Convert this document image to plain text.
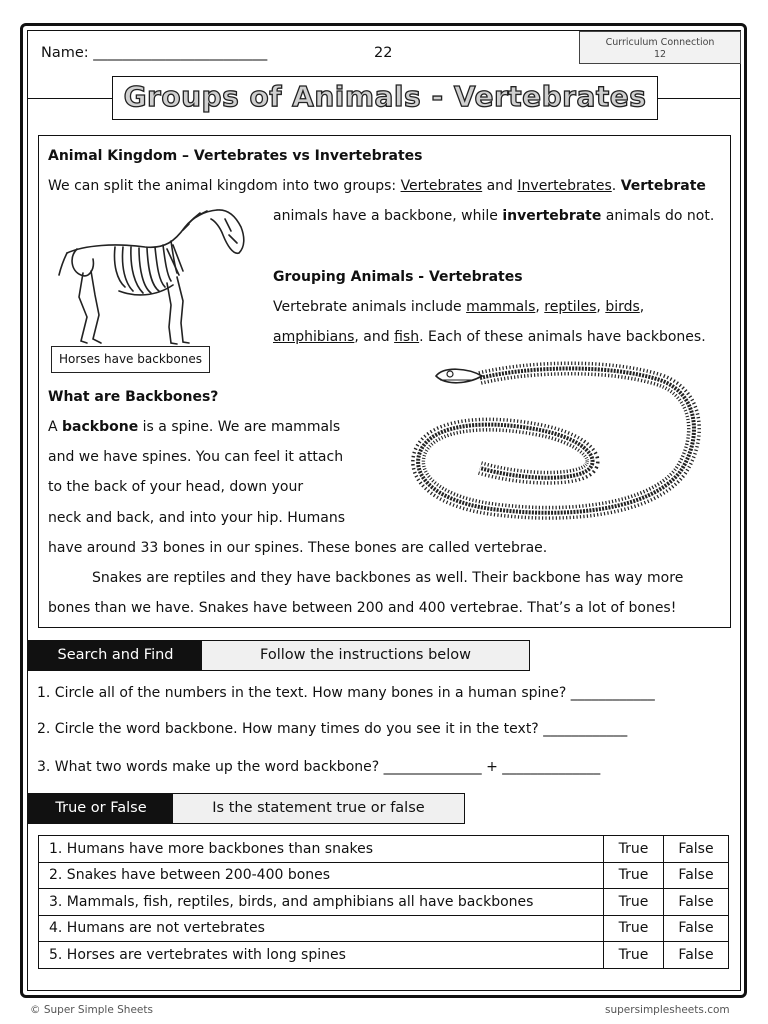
Name: ________________________	22
Curriculum Connection
12
Groups of Animals - Vertebrates
Animal Kingdom – Vertebrates vs Invertebrates
We can split the animal kingdom into two groups: Vertebrates and Invertebrates. Vertebrate
animals have a backbone, while invertebrate animals do not.
Horses have backbones
Grouping Animals - Vertebrates
Vertebrate animals include mammals, reptiles, birds,
amphibians, and fish. Each of these animals have backbones.
What are Backbones?
A backbone is a spine. We are mammals
and we have spines. You can feel it attach
to the back of your head, down your
neck and back, and into your hip. Humans
have around 33 bones in our spines. These bones are called vertebrae.
Snakes are reptiles and they have backbones as well. Their backbone has way more
bones than we have. Snakes have between 200 and 400 vertebrae. That’s a lot of bones!
Search and Find	Follow the instructions below
1. Circle all of the numbers in the text. How many bones in a human spine? ____________
2. Circle the word backbone. How many times do you see it in the text? ____________
3. What two words make up the word backbone? ______________ + ______________
True or False	Is the statement true or false
1. Humans have more backbones than snakes	True	False
2. Snakes have between 200-400 bones	True	False
3. Mammals, fish, reptiles, birds, and amphibians all have backbones	True	False
4. Humans are not vertebrates	True	False
5. Horses are vertebrates with long spines	True	False
© Super Simple Sheets	supersimplesheets.com
